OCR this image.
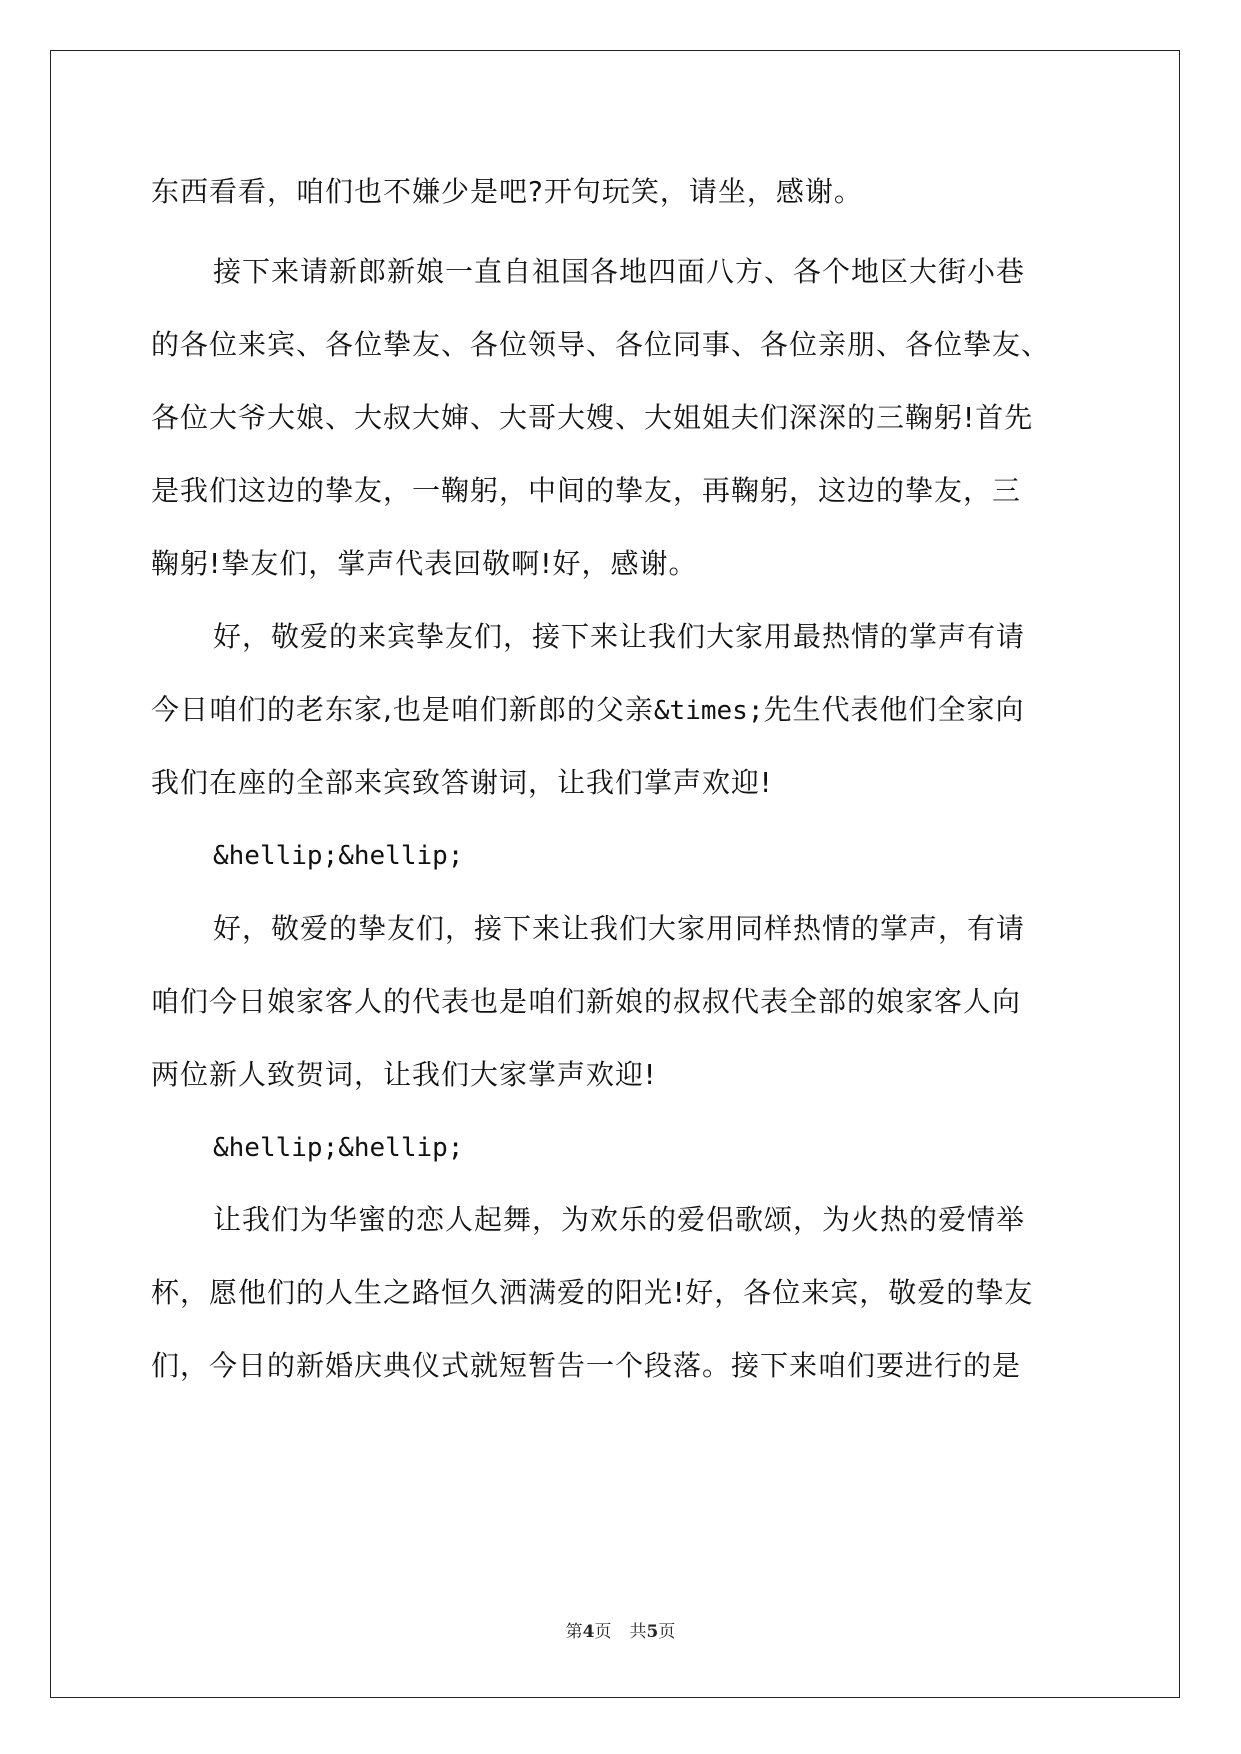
东西看看，咱们也不嫌少是吧?开句玩笑，请坐，感谢。
接下来请新郎新娘一直自祖国各地四面八方、各个地区大街小巷
的各位来宾、各位挚友、各位领导、各位同事、各位亲朋、各位挚友、
各位大爷大娘、大叔大婶、大哥大嫂、大姐姐夫们深深的三鞠躬!首先
是我们这边的挚友，一鞠躬，中间的挚友，再鞠躬，这边的挚友，三
鞠躬!挚友们，掌声代表回敬啊!好，感谢。
好，敬爱的来宾挚友们，接下来让我们大家用最热情的掌声有请
今日咱们的老东家,也是咱们新郎的父亲&times;先生代表他们全家向
我们在座的全部来宾致答谢词，让我们掌声欢迎!
&hellip;&hellip;
好，敬爱的挚友们，接下来让我们大家用同样热情的掌声，有请
咱们今日娘家客人的代表也是咱们新娘的叔叔代表全部的娘家客人向
两位新人致贺词，让我们大家掌声欢迎!
&hellip;&hellip;
让我们为华蜜的恋人起舞，为欢乐的爱侣歌颂，为火热的爱情举
杯，愿他们的人生之路恒久洒满爱的阳光!好，各位来宾，敬爱的挚友
们，今日的新婚庆典仪式就短暂告一个段落。接下来咱们要进行的是
第4页 共5页
